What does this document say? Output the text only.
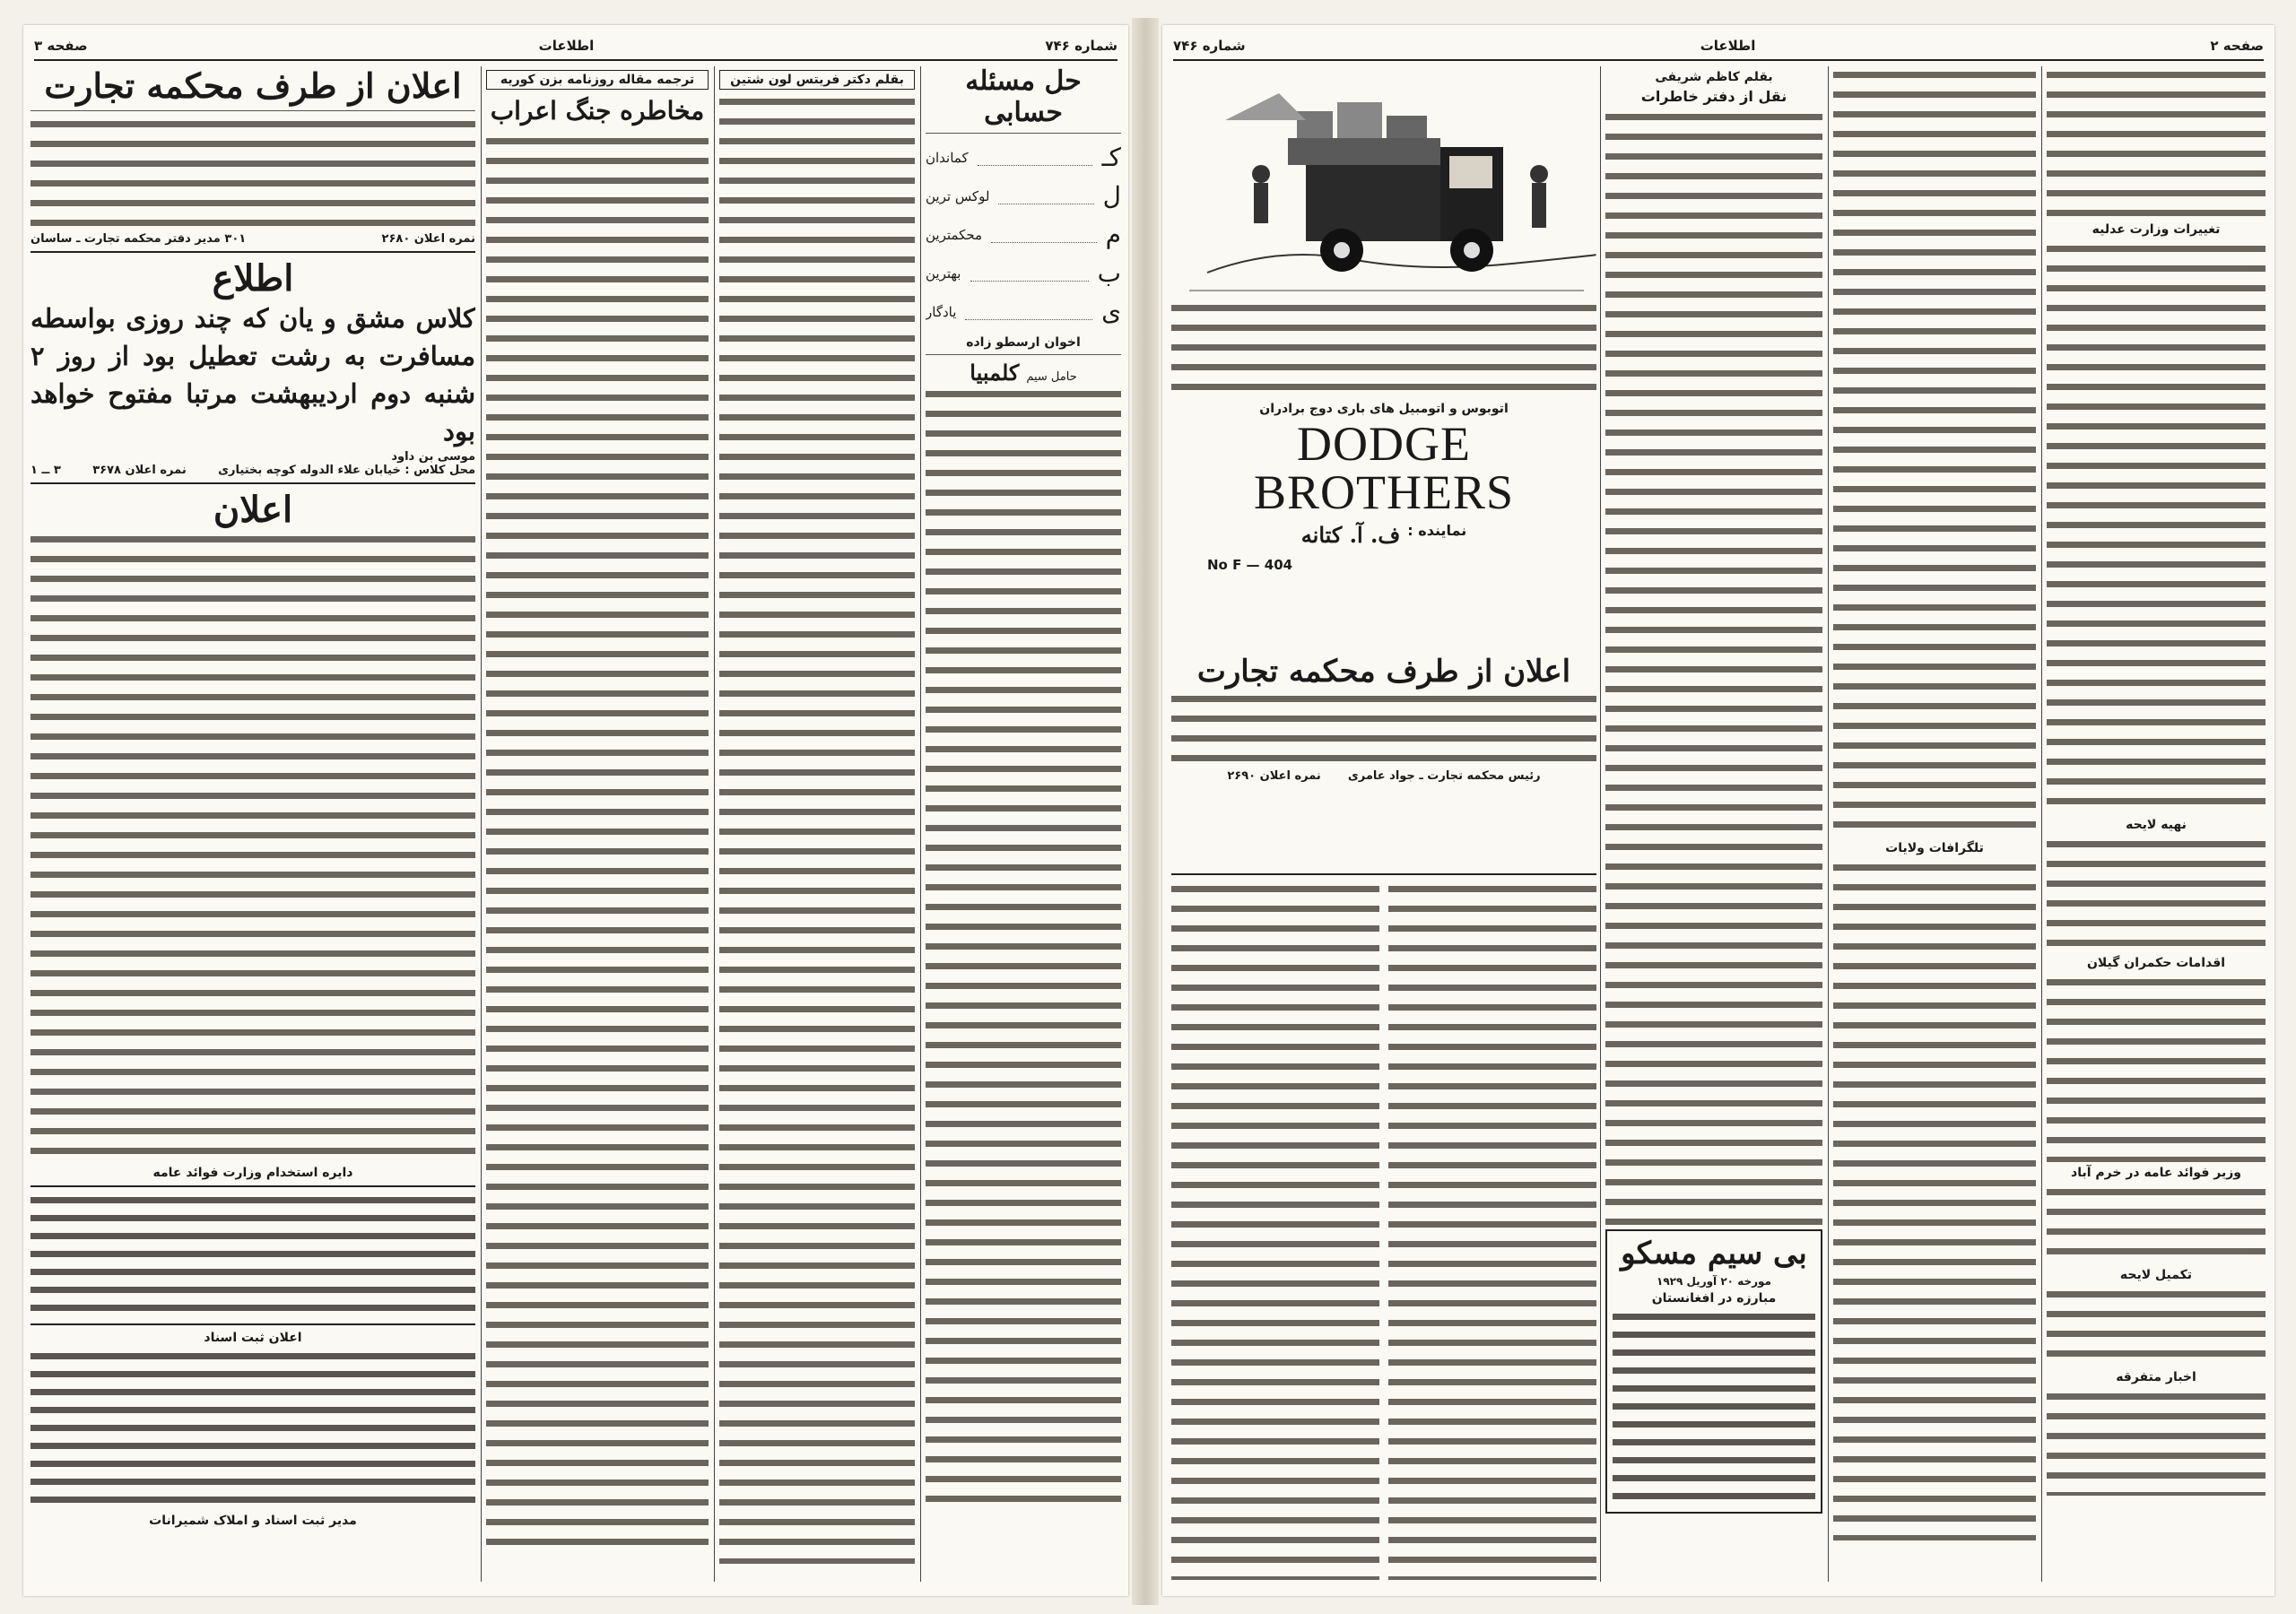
شماره ۷۴۶
اطلاعات
صفحه ۳
اعلان از طرف محکمه تجارت
نمره اعلان ۲۶۸۰
۳۰۱ مدیر دفتر محکمه تجارت ـ ساسان
اطلاع
کلاس مشق و یان که چند روزی بواسطه مسافرت به رشت تعطیل بود از روز ۲ شنبه دوم اردیبهشت مرتبا مفتوح خواهد بود
موسی بن داود
محل کلاس : خیابان علاء الدوله کوچه بختیاری
نمره اعلان ۳۶۷۸
۳ ــ ۱
اعلان
دایره استخدام وزارت فوائد عامه
اعلان ثبت اسناد
مدیر ثبت اسناد و املاک شمیرانات
ترجمه مقاله روزنامه بزن کوریه
مخاطره جنگ اعراب
بقلم دکتر فریتس لون شتین	حل مسئله حسابی
کـ
کماندان
ل
لوکس ترین
م
محکمترین
ب
بهترین
ی
یادگار
اخوان ارسطو زاده
حامل سیم
کلمبیا
صفحه ۲
اطلاعات
شماره ۷۴۶
اتوبوس و اتومبیل های باری دوج برادران
DODGE BROTHERS
نماینده :
ف. آ. کتانه
No F — 404
اعلان از طرف محکمه تجارت
رئیس محکمه تجارت ـ جواد عامری
نمره اعلان ۲۶۹۰
بقلم کاظم شریفی
نقل از دفتر خاطرات
بی سیم مسکو
مورخه ۲۰ آوریل ۱۹۲۹
مبارزه در افغانستان
تلگرافات ولایات
تغییرات وزارت عدلیه
نهیه لایحه
اقدامات حکمران گیلان
وزیر فوائد عامه در خرم آباد
تکمیل لایحه
اخبار متفرقه
